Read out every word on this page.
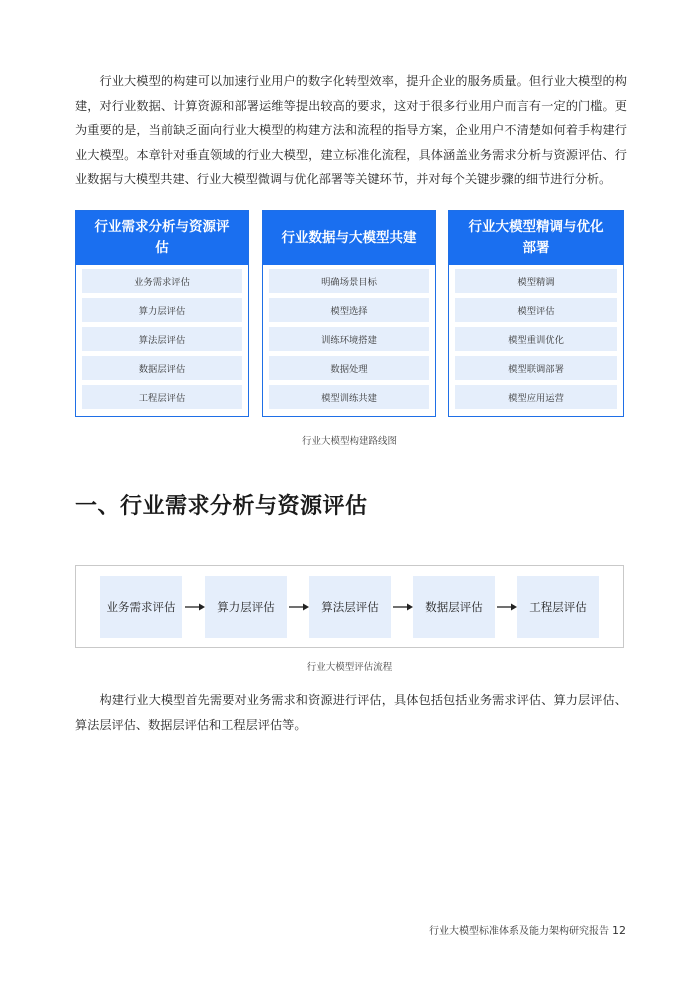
行业大模型的构建可以加速行业用户的数字化转型效率，提升企业的服务质量。但行业大模型的构建，对行业数据、计算资源和部署运维等提出较高的要求，这对于很多行业用户而言有一定的门槛。更为重要的是，当前缺乏面向行业大模型的构建方法和流程的指导方案，企业用户不清楚如何着手构建行业大模型。本章针对垂直领域的行业大模型，建立标准化流程，具体涵盖业务需求分析与资源评估、行业数据与大模型共建、行业大模型微调与优化部署等关键环节，并对每个关键步骤的细节进行分析。

行业需求分析与资源评估
业务需求评估
算力层评估
算法层评估
数据层评估
工程层评估
行业数据与大模型共建
明确场景目标
模型选择
训练环境搭建
数据处理
模型训练共建
行业大模型精调与优化部署
模型精调
模型评估
模型重训优化
模型联调部署
模型应用运营
行业大模型构建路线图
一、行业需求分析与资源评估
业务需求评估	算力层评估	算法层评估	数据层评估	工程层评估
行业大模型评估流程

构建行业大模型首先需要对业务需求和资源进行评估，具体包括包括业务需求评估、算力层评估、算法层评估、数据层评估和工程层评估等。

行业大模型标准体系及能力架构研究报告 12
